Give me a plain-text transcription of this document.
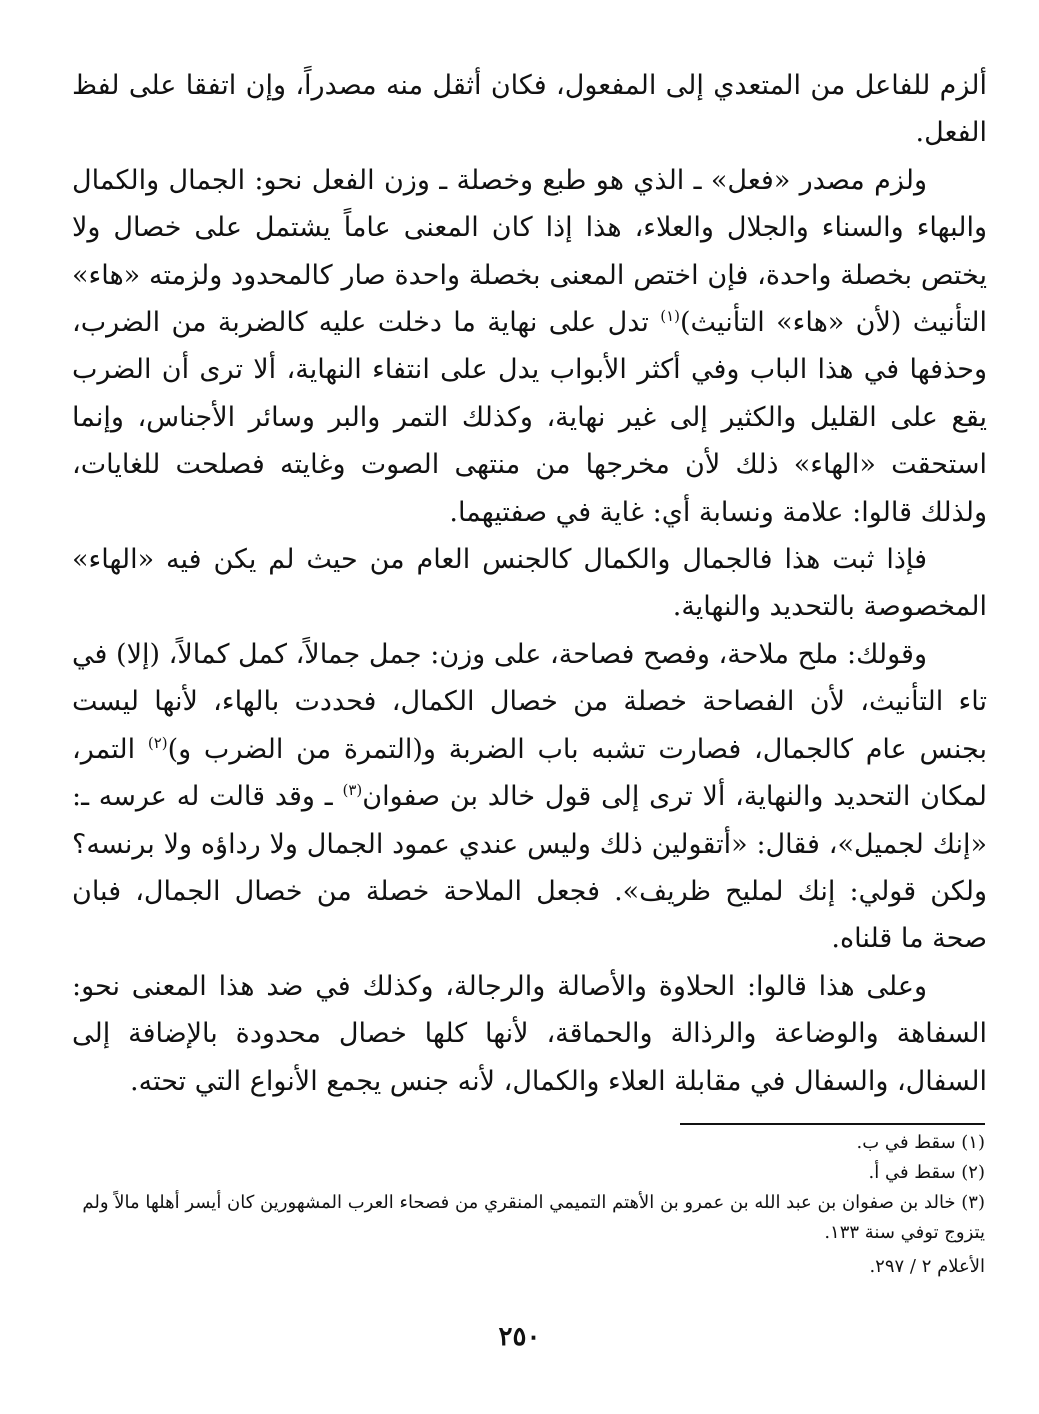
ألزم للفاعل من المتعدي إلى المفعول، فكان أثقل منه مصدراً، وإن اتفقا على لفظ الفعل.

ولزم مصدر «فعل» ـ الذي هو طبع وخصلة ـ وزن الفعل نحو: الجمال والكمال والبهاء والسناء والجلال والعلاء، هذا إذا كان المعنى عاماً يشتمل على خصال ولا يختص بخصلة واحدة، فإن اختص المعنى بخصلة واحدة صار كالمحدود ولزمته «هاء» التأنيث (لأن «هاء» التأنيث)$^{(١)}$ تدل على نهاية ما دخلت عليه كالضربة من الضرب، وحذفها في هذا الباب وفي أكثر الأبواب يدل على انتفاء النهاية، ألا ترى أن الضرب يقع على القليل والكثير إلى غير نهاية، وكذلك التمر والبر وسائر الأجناس، وإنما استحقت «الهاء» ذلك لأن مخرجها من منتهى الصوت وغايته فصلحت للغايات، ولذلك قالوا: علامة ونسابة أي: غاية في صفتيهما.

فإذا ثبت هذا فالجمال والكمال كالجنس العام من حيث لم يكن فيه «الهاء» المخصوصة بالتحديد والنهاية.

وقولك: ملح ملاحة، وفصح فصاحة، على وزن: جمل جمالاً، كمل كمالاً، (إلا) في تاء التأنيث، لأن الفصاحة خصلة من خصال الكمال، فحددت بالهاء، لأنها ليست بجنس عام كالجمال، فصارت تشبه باب الضربة و(التمرة من الضرب و)$^{(٢)}$ التمر، لمكان التحديد والنهاية، ألا ترى إلى قول خالد بن صفوان$^{(٣)}$ ـ وقد قالت له عرسه ـ: «إنك لجميل»، فقال: «أتقولين ذلك وليس عندي عمود الجمال ولا رداؤه ولا برنسه؟ ولكن قولي: إنك لمليح ظريف». فجعل الملاحة خصلة من خصال الجمال، فبان صحة ما قلناه.

وعلى هذا قالوا: الحلاوة والأصالة والرجالة، وكذلك في ضد هذا المعنى نحو: السفاهة والوضاعة والرذالة والحماقة، لأنها كلها خصال محدودة بالإضافة إلى السفال، والسفال في مقابلة العلاء والكمال، لأنه جنس يجمع الأنواع التي تحته.

(١) سقط في ب.

(٢) سقط في أ.

(٣) خالد بن صفوان بن عبد الله بن عمرو بن الأهتم التميمي المنقري من فصحاء العرب المشهورين كان أيسر أهلها مالاً ولم يتزوج توفي سنة ١٣٣.

الأعلام ٢ / ٢٩٧.

٢٥٠
